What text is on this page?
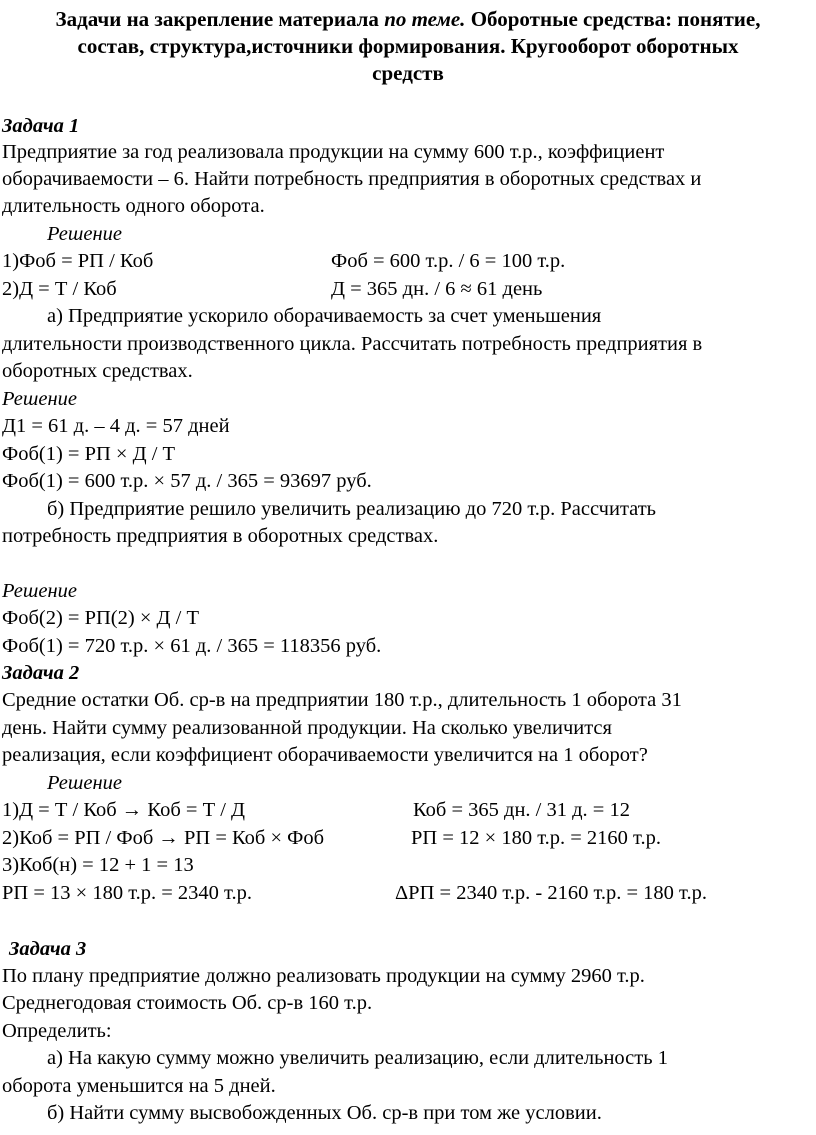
Задачи на закрепление материала по теме. Оборотные средства: понятие,
состав, структура,источники формирования. Кругооборот оборотных
средств
Задача 1
Предприятие за год реализовала продукции на сумму 600 т.р., коэффициент
оборачиваемости – 6. Найти потребность предприятия в оборотных средствах и
длительность одного оборота.
Решение
1)Фоб = РП / Коб	Фоб = 600 т.р. / 6 = 100 т.р.
2)Д = Т / Коб	Д = 365 дн. / 6 ≈ 61 день
а) Предприятие ускорило оборачиваемость за счет уменьшения
длительности производственного цикла. Рассчитать потребность предприятия в
оборотных средствах.
Решение
Д1 = 61 д. – 4 д. = 57 дней
Фоб(1) = РП × Д / Т
Фоб(1) = 600 т.р. × 57 д. / 365 = 93697 руб.
б) Предприятие решило увеличить реализацию до 720 т.р. Рассчитать
потребность предприятия в оборотных средствах.
Решение
Фоб(2) = РП(2) × Д / Т
Фоб(1) = 720 т.р. × 61 д. / 365 = 118356 руб.
Задача 2
Средние остатки Об. ср-в на предприятии 180 т.р., длительность 1 оборота 31
день. Найти сумму реализованной продукции. На сколько увеличится
реализация, если коэффициент оборачиваемости увеличится на 1 оборот?
Решение
1)Д = Т / Коб → Коб = Т / Д	Коб = 365 дн. / 31 д. = 12
2)Коб = РП / Фоб → РП = Коб × Фоб	РП = 12 × 180 т.р. = 2160 т.р.
3)Коб(н) = 12 + 1 = 13
РП = 13 × 180 т.р. = 2340 т.р.	ΔРП = 2340 т.р. - 2160 т.р. = 180 т.р.
Задача 3
По плану предприятие должно реализовать продукции на сумму 2960 т.р.
Среднегодовая стоимость Об. ср-в 160 т.р.
Определить:
а) На какую сумму можно увеличить реализацию, если длительность 1
оборота уменьшится на 5 дней.
б) Найти сумму высвобожденных Об. ср-в при том же условии.
